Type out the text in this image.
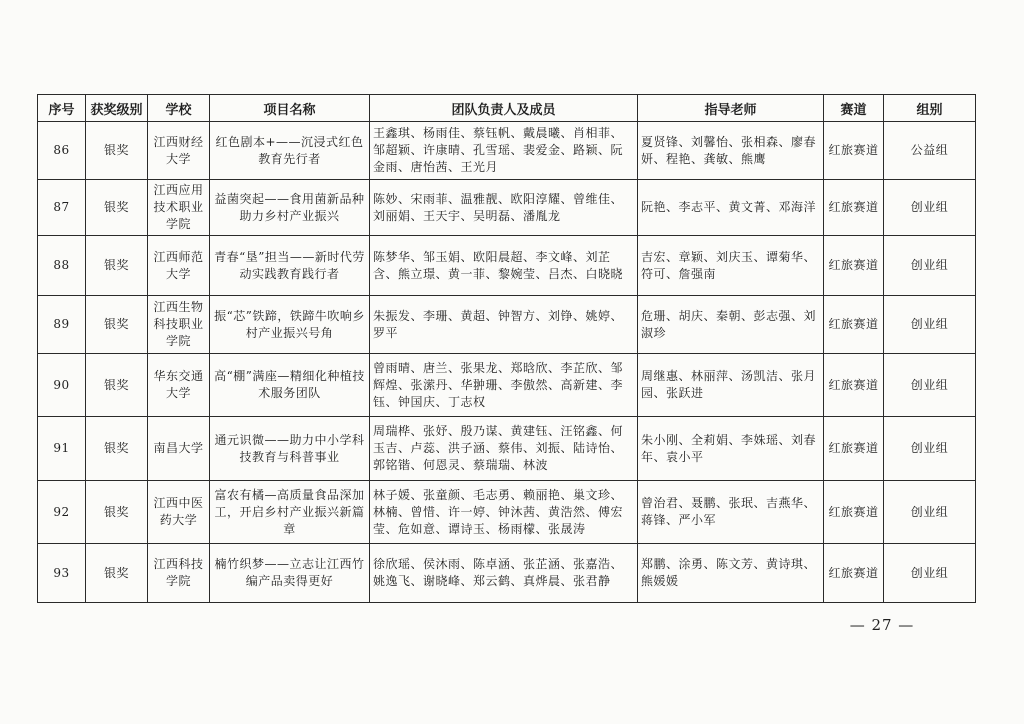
序号	获奖级别	学校	项目名称	团队负责人及成员	指导老师	赛道	组别
86	银奖	江西财经大学	红色剧本+——沉浸式红色教育先行者	王鑫琪、杨雨佳、蔡钰帆、戴晨曦、肖相菲、邹超颖、许康晴、孔雪瑶、裴爱金、路颖、阮金雨、唐怡茜、王光月	夏贤锋、刘馨怡、张相森、廖春妍、程艳、龚敏、熊鹰	红旅赛道	公益组
87	银奖	江西应用技术职业学院	益菌突起——食用菌新品种助力乡村产业振兴	陈妙、宋雨菲、温雅靓、欧阳淳耀、曾维佳、刘丽娟、王天宇、吴明磊、潘胤龙	阮艳、李志平、黄文菁、邓海洋	红旅赛道	创业组
88	银奖	江西师范大学	青春“垦”担当——新时代劳动实践教育践行者	陈梦华、邹玉娟、欧阳晨超、李文峰、刘芷含、熊立璟、黄一菲、黎婉莹、吕杰、白晓晓	吉宏、章颖、刘庆玉、谭菊华、符可、詹强南	红旅赛道	创业组
89	银奖	江西生物科技职业学院	振“芯”铁蹄，铁蹄牛吹响乡村产业振兴号角	朱振发、李珊、黄超、钟智方、刘铮、姚婷、罗平	危珊、胡庆、秦朝、彭志强、刘淑珍	红旅赛道	创业组
90	银奖	华东交通大学	高“棚”满座—精细化种植技术服务团队	曾雨晴、唐兰、张果龙、郑晗欣、李芷欣、邹辉煌、张潆丹、华翀珊、李傲然、高新建、李钰、钟国庆、丁志权	周继惠、林丽萍、汤凯洁、张月园、张跃进	红旅赛道	创业组
91	银奖	南昌大学	通元识微——助力中小学科技教育与科普事业	周瑞桦、张妤、殷乃谋、黄建钰、汪铭鑫、何玉吉、卢蕊、洪子涵、蔡伟、刘振、陆诗怡、郭铭锴、何恩灵、蔡瑞瑞、林波	朱小刚、全莉娟、李姝瑶、刘春年、袁小平	红旅赛道	创业组
92	银奖	江西中医药大学	富农有橘—高质量食品深加工，开启乡村产业振兴新篇章	林子媛、张童颜、毛志勇、赖丽艳、巢文珍、林楠、曾惜、许一婷、钟沐茜、黄浩然、傅宏莹、危如意、谭诗玉、杨雨檬、张晟涛	曾治君、聂鹏、张珉、吉燕华、蒋锋、严小军	红旅赛道	创业组
93	银奖	江西科技学院	楠竹织梦——立志让江西竹编产品卖得更好	徐欣瑶、侯沐雨、陈卓涵、张芷涵、张嘉浩、姚逸飞、谢晓峰、郑云鹤、真烨晨、张君静	郑鹏、涂勇、陈文芳、黄诗琪、熊媛媛	红旅赛道	创业组
— 27 —
